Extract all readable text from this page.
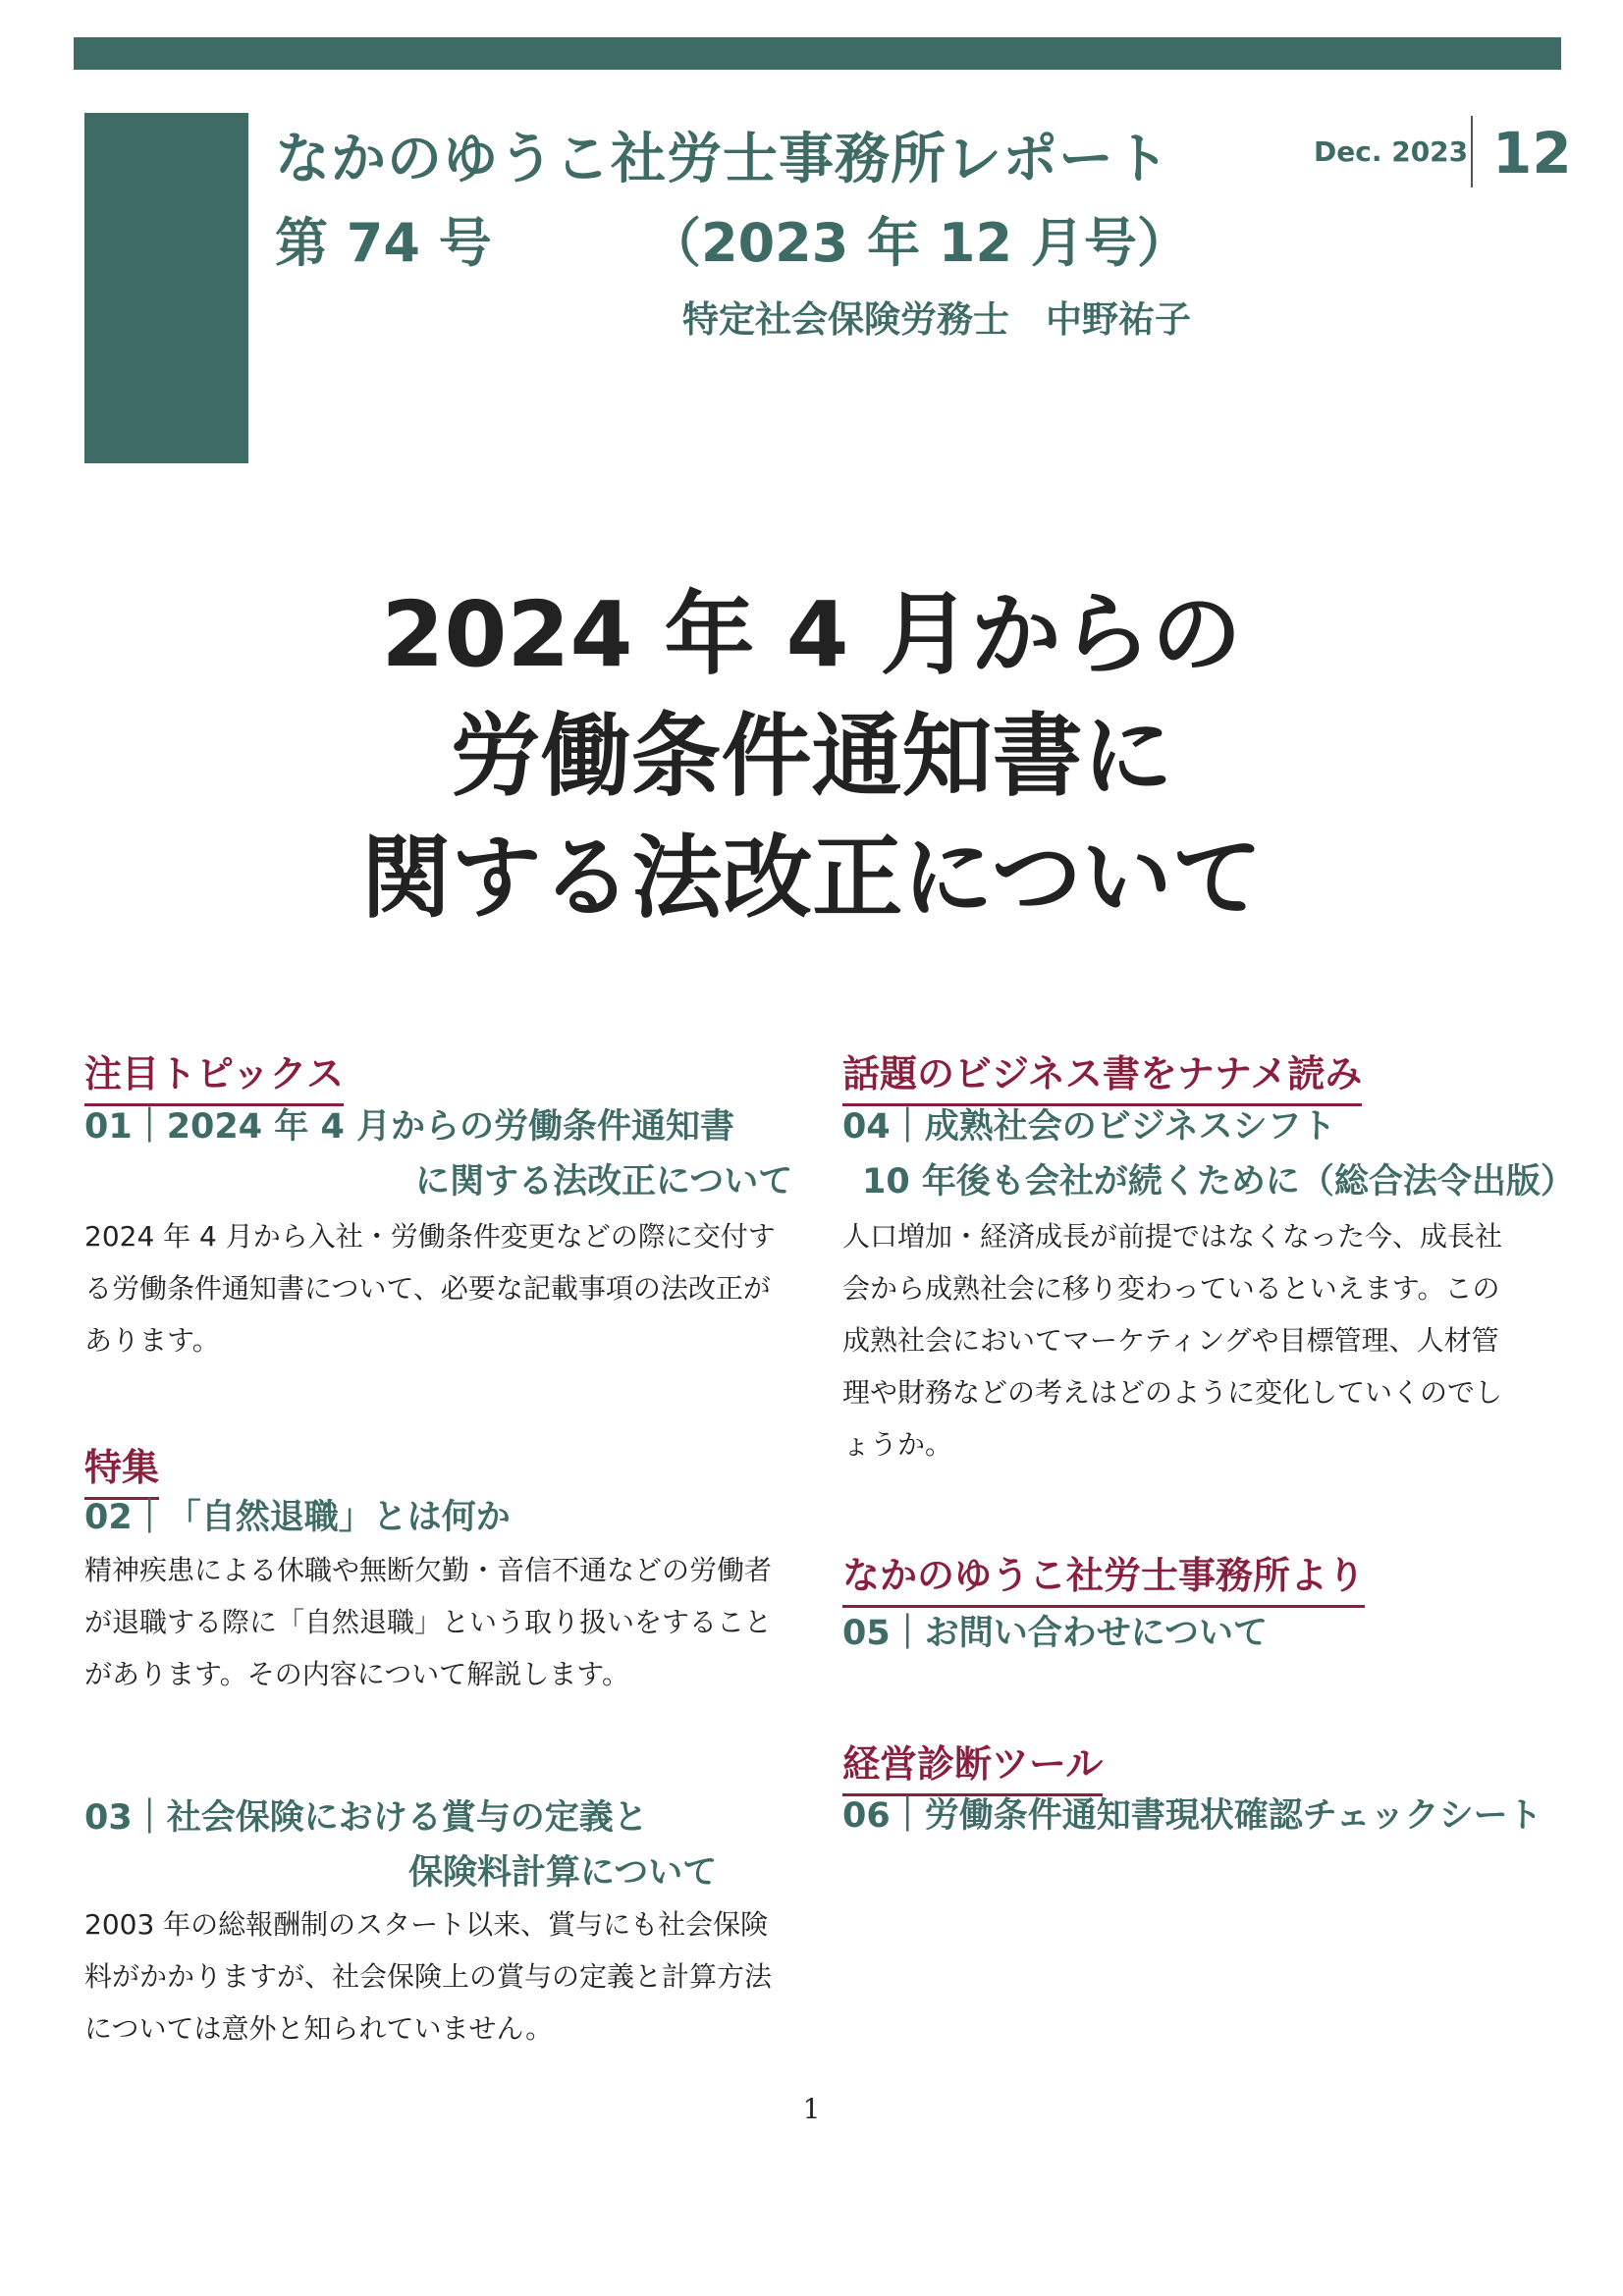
なかのゆうこ社労士事務所レポート
第 74 号	（2023 年 12 月号）
特定社会保険労務士　中野祐子
Dec. 2023 12
2024 年 4 月からの
労働条件通知書に
関する法改正について
注目トピックス
01｜2024 年 4 月からの労働条件通知書
に関する法改正について
2024 年 4 月から入社・労働条件変更などの際に交付す
る労働条件通知書について、必要な記載事項の法改正が
あります。
特集
02｜「自然退職」とは何か
精神疾患による休職や無断欠勤・音信不通などの労働者
が退職する際に「自然退職」という取り扱いをすること
があります。その内容について解説します。
03｜社会保険における賞与の定義と
保険料計算について
2003 年の総報酬制のスタート以来、賞与にも社会保険
料がかかりますが、社会保険上の賞与の定義と計算方法
については意外と知られていません。
話題のビジネス書をナナメ読み
04｜成熟社会のビジネスシフト
10 年後も会社が続くために（総合法令出版）
人口増加・経済成長が前提ではなくなった今、成長社
会から成熟社会に移り変わっているといえます。この
成熟社会においてマーケティングや目標管理、人材管
理や財務などの考えはどのように変化していくのでし
ょうか。
なかのゆうこ社労士事務所より
05｜お問い合わせについて
経営診断ツール
06｜労働条件通知書現状確認チェックシート
1
